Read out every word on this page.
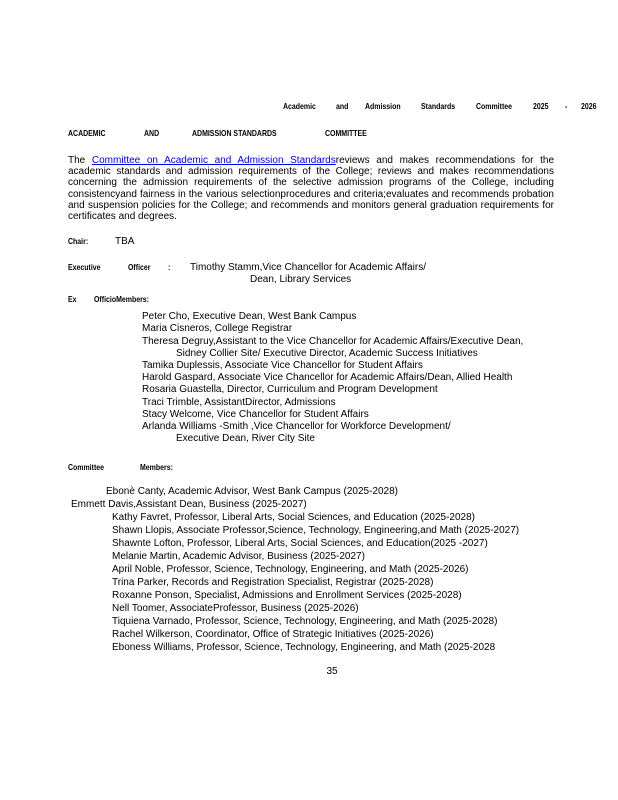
Academic and Admission Standards Committee 2025 - 2026
ACADEMIC	AND	ADMISSION STANDARDS	COMMITTEE

The Committee on Academic and Admission Standardsreviews and makes recommendations for the academic standards and admission requirements of the College; reviews and makes recommendations concerning the admission requirements of the selective admission programs of the College, including consistencyand fairness in the various selectionprocedures and criteria;evaluates and recommends probation and suspension policies for the College; and recommends and monitors general graduation requirements for certificates and degrees.

Chair:	TBA
Executive	Officer :	Timothy Stamm,Vice Chancellor for Academic Affairs/
Dean, Library Services
Ex OfficioMembers:
Peter Cho, Executive Dean, West Bank Campus
Maria Cisneros, College Registrar
Theresa Degruy,Assistant to the Vice Chancellor for Academic Affairs/Executive Dean,
Sidney Collier Site/ Executive Director, Academic Success Initiatives
Tamika Duplessis, Associate Vice Chancellor for Student Affairs
Harold Gaspard, Associate Vice Chancellor for Academic Affairs/Dean, Allied Health
Rosaria Guastella, Director, Curriculum and Program Development
Traci Trimble, AssistantDirector, Admissions
Stacy Welcome, Vice Chancellor for Student Affairs
Arlanda Williams -Smith ,Vice Chancellor for Workforce Development/
Executive Dean, River City Site
Committee	Members:
Ebonè Canty, Academic Advisor, West Bank Campus (2025-2028)
Emmett Davis,Assistant Dean, Business (2025-2027)
Kathy Favret, Professor, Liberal Arts, Social Sciences, and Education (2025-2028)
Shawn Llopis, Associate Professor,Science, Technology, Engineering,and Math (2025-2027)
Shawnte Lofton, Professor, Liberal Arts, Social Sciences, and Education(2025 -2027)
Melanie Martin, Academic Advisor, Business (2025-2027)
April Noble, Professor, Science, Technology, Engineering, and Math (2025-2026)
Trina Parker, Records and Registration Specialist, Registrar (2025-2028)
Roxanne Ponson, Specialist, Admissions and Enrollment Services (2025-2028)
Nell Toomer, AssociateProfessor, Business (2025-2026)
Tiquiena Varnado, Professor, Science, Technology, Engineering, and Math (2025-2028)
Rachel Wilkerson, Coordinator, Office of Strategic Initiatives (2025-2026)
Eboness Williams, Professor, Science, Technology, Engineering, and Math (2025-2028
35
